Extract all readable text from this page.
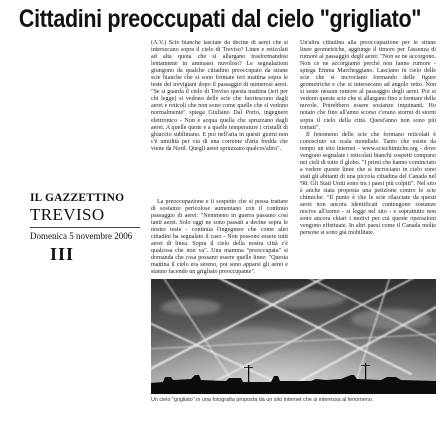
Cittadini preoccupati dal cielo "grigliato"

(A.V.) Scie bianche lasciate da decine di aerei che si intersecano sopra il cielo di Treviso? Linee e reticolati ad alta quota che si allargano trasformandosi lentamente in ammassi nuvolosi? Le segnalazioni giungono da qualche cittadino preoccupato da strane scie bianche che si sono formate ieri mattina sopra le teste dei trevigiani dopo il passaggio di numerosi aerei. "Se si guarda il cielo di Treviso questa mattina (ieri per chi legge) si vedono delle scie che fuoriescono dagli aerei e reticoli che non sono come quelle che si vedono normalmente" spiega Giuliano Dal Porto, ingegnere elettronico - Non è acqua quella che spruzzano dagli aerei. A quelle quote e a quelle temperature i cristalli di ghiaccio sublimano. E poi nell'aria in questi giorni non c'è umidità per via di una corrente d'aria fredda che viene da Nord. Quegli aerei spruzzano qualcos'altro".

La preoccupazione e il sospetto che si possa trattare di sostanze pericolose aumentano con il continuo passaggio di aerei: "Nemmeno in guerra passano così tanti aerei. Solo oggi ne sono passati a decine sopra le nostre teste - continua l'ingegnere che come altri cittadini ha segnalato il caso - Non possono essere tutti aerei di linea. Sopra il cielo della nostra città c'è qualcosa che non va". Una mamma "preoccupata" si domanda che cosa possano essere quelle linee: "Questa mattina il cielo era sereno, poi sono apparsi gli aerei e stanno facendo un grigliato preoccupante".

Un'altra cittadina alla preoccupazione per le strane linee geometriche, aggiunge il timore per l'assenza di rumore al passaggio degli aerei: "Non se ne accorgono. Non ce ne accorgiamo perché non fanno rumore - spiega Emma Marcheggiano. Lasciano in cielo delle scie che si incrociano formando delle figure geometriche e che si intersecano ad angolo retto. Non si sente nessun rumore al passaggio degli aerei. Poi si vedono queste scie che si allargano fino a formare delle nuvole. Potrebbero essere sostanze inquinanti. Ho notato che fino all'anno scorso c'erano stormi di storni sopra il cielo della città. Quest'anno non sono più tornati".

Il fenomeno delle scie che formano reticolati è conosciuto su scala mondiale. Tanto che esiste da tempo un sito internet - www.sciechimiche.org - dove vengono segnalate i reticolati bianchi sospetti comparsi nei cieli di tutto il globo. "I primi che hanno cominciato a vedere queste linee che si incrociano in cielo sono stati gli abitanti di una piccola cittadina del Canada nel '98. Gli Stati Uniti sono tra i paesi più colpiti". Nel sito è anche stata proposta una petizione contro le scie chimiche: "Il punto è che le scie rilasciate da questi aerei non ancora identificati contengono sostanze nocive all'uomo - si legge nel sito - e soprattutto non sono ancora chiari i motivi per cui queste operazioni vengono effettuate. In altri paesi come il Canada molte persone si sono già mobilitate.

IL GAZZETTINO
TREVISO
Domenica 5 novembre 2006
III
Un cielo "grigliato" in una fotografia proposta da un sito internet che si interessa al fenomeno.
